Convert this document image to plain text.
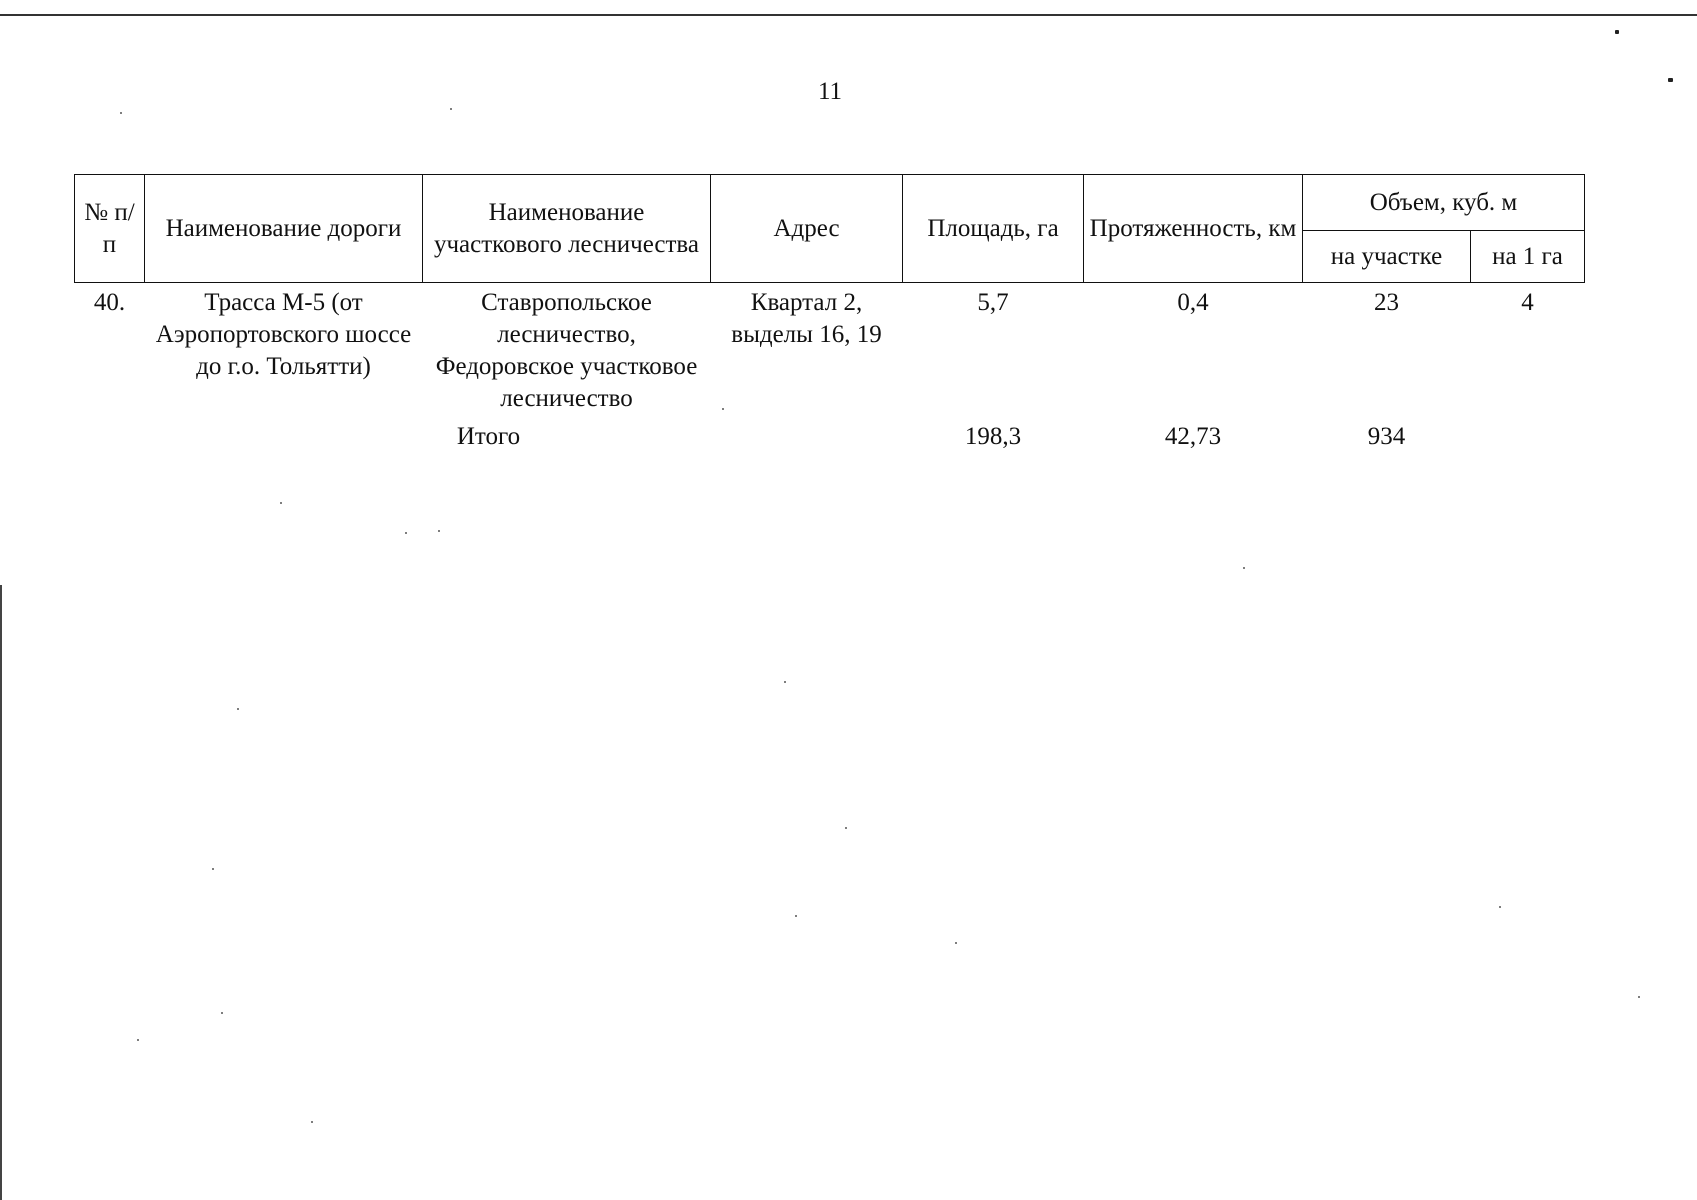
11
№ п/п	Наименование дороги	Наименование участкового лесничества	Адрес	Площадь, га	Протяженность, км	Объем, куб. м	
						на участке	на 1 га
40.	Трасса М-5 (от Аэропортовского шоссе до г.о. Тольятти)	Ставропольское лесничество, Федоровское участковое лесничество	Квартал 2, выделы 16, 19	5,7	0,4	23	4
Итого				198,3	42,73	934	
